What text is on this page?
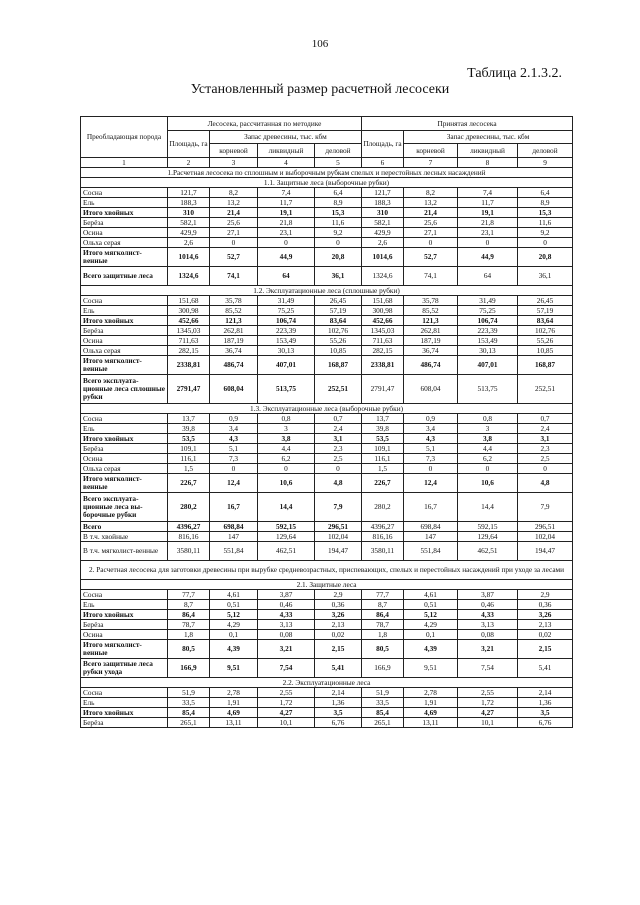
106
Таблица 2.1.3.2.
Установленный размер расчетной лесосеки
Преобладающая порода	Лесосека, рассчитанная по методике				Принятая лесосека			
	Площадь, га	Запас древесины, тыс. кбм			Площадь, га	Запас древесины, тыс. кбм		
		корневой	ликвидный	деловой		корневой	ликвидный	деловой
1	2	3	4	5	6	7	8	9
1.Расчетная лесосека по сплошным и выборочным рубкам спелых и перестойных лесных насаждений								
1.1. Защитные леса (выборочные рубки)								
Сосна	121,7	8,2	7,4	6,4	121,7	8,2	7,4	6,4
Ель	188,3	13,2	11,7	8,9	188,3	13,2	11,7	8,9
Итого хвойных	310	21,4	19,1	15,3	310	21,4	19,1	15,3
Берёза	582,1	25,6	21,8	11,6	582,1	25,6	21,8	11,6
Осина	429,9	27,1	23,1	9,2	429,9	27,1	23,1	9,2
Ольха серая	2,6	0	0	0	2,6	0	0	0
Итого мягколист-венные	1014,6	52,7	44,9	20,8	1014,6	52,7	44,9	20,8
Всего защитные леса	1324,6	74,1	64	36,1	1324,6	74,1	64	36,1
1.2. Эксплуатационные леса (сплошные рубки)								
Сосна	151,68	35,78	31,49	26,45	151,68	35,78	31,49	26,45
Ель	300,98	85,52	75,25	57,19	300,98	85,52	75,25	57,19
Итого хвойных	452,66	121,3	106,74	83,64	452,66	121,3	106,74	83,64
Берёза	1345,03	262,81	223,39	102,76	1345,03	262,81	223,39	102,76
Осина	711,63	187,19	153,49	55,26	711,63	187,19	153,49	55,26
Ольха серая	282,15	36,74	30,13	10,85	282,15	36,74	30,13	10,85
Итого мягколист-венные	2338,81	486,74	407,01	168,87	2338,81	486,74	407,01	168,87
Всего эксплуата-ционные леса сплошные рубки	2791,47	608,04	513,75	252,51	2791,47	608,04	513,75	252,51
1.3. Эксплуатационные леса (выборочные рубки)								
Сосна	13,7	0,9	0,8	0,7	13,7	0,9	0,8	0,7
Ель	39,8	3,4	3	2,4	39,8	3,4	3	2,4
Итого хвойных	53,5	4,3	3,8	3,1	53,5	4,3	3,8	3,1
Берёза	109,1	5,1	4,4	2,3	109,1	5,1	4,4	2,3
Осина	116,1	7,3	6,2	2,5	116,1	7,3	6,2	2,5
Ольха серая	1,5	0	0	0	1,5	0	0	0
Итого мягколист-венные	226,7	12,4	10,6	4,8	226,7	12,4	10,6	4,8
Всего эксплуата-ционные леса вы-борочные рубки	280,2	16,7	14,4	7,9	280,2	16,7	14,4	7,9
Всего	4396,27	698,84	592,15	296,51	4396,27	698,84	592,15	296,51
В т.ч. хвойные	816,16	147	129,64	102,04	816,16	147	129,64	102,04
В т.ч. мягколист-венные	3580,11	551,84	462,51	194,47	3580,11	551,84	462,51	194,47
2. Расчетная лесосека для заготовки древесины при вырубке средневозрастных, приспевающих, спелых и перестойных насаждений при уходе за лесами								
2.1. Защитные леса								
Сосна	77,7	4,61	3,87	2,9	77,7	4,61	3,87	2,9
Ель	8,7	0,51	0,46	0,36	8,7	0,51	0,46	0,36
Итого хвойных	86,4	5,12	4,33	3,26	86,4	5,12	4,33	3,26
Берёза	78,7	4,29	3,13	2,13	78,7	4,29	3,13	2,13
Осина	1,8	0,1	0,08	0,02	1,8	0,1	0,08	0,02
Итого мягколист-венные	80,5	4,39	3,21	2,15	80,5	4,39	3,21	2,15
Всего защитные леса рубки ухода	166,9	9,51	7,54	5,41	166,9	9,51	7,54	5,41
2.2. Эксплуатационные леса								
Сосна	51,9	2,78	2,55	2,14	51,9	2,78	2,55	2,14
Ель	33,5	1,91	1,72	1,36	33,5	1,91	1,72	1,36
Итого хвойных	85,4	4,69	4,27	3,5	85,4	4,69	4,27	3,5
Берёза	265,1	13,11	10,1	6,76	265,1	13,11	10,1	6,76
